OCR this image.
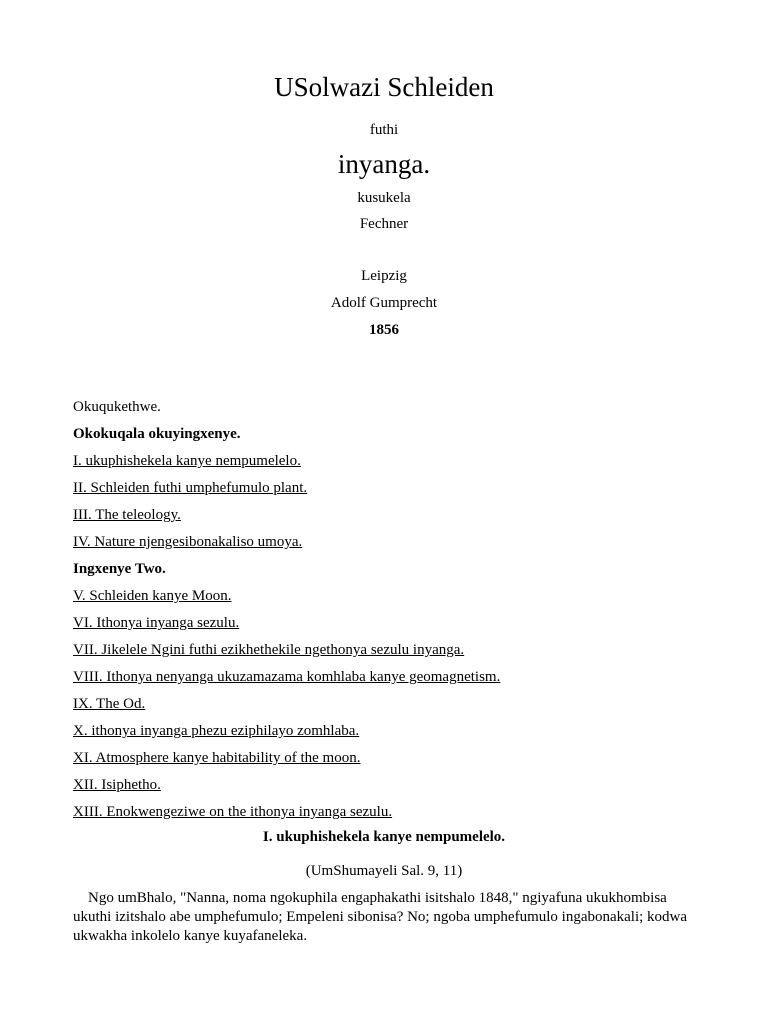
USolwazi Schleiden
futhi
inyanga.
kusukela
Fechner
Leipzig
Adolf Gumprecht
1856
Okuqukethwe.
Okokuqala okuyingxenye.
I. ukuphishekela kanye nempumelelo.
II. Schleiden futhi umphefumulo plant.
III. The teleology.
IV. Nature njengesibonakaliso umoya.
Ingxenye Two.
V. Schleiden kanye Moon.
VI. Ithonya inyanga sezulu.
VII. Jikelele Ngini futhi ezikhethekile ngethonya sezulu inyanga.
VIII. Ithonya nenyanga ukuzamazama komhlaba kanye geomagnetism.
IX. The Od.
X. ithonya inyanga phezu eziphilayo zomhlaba.
XI. Atmosphere kanye habitability of the moon.
XII. Isiphetho.
XIII. Enokwengeziwe on the ithonya inyanga sezulu.
I. ukuphishekela kanye nempumelelo.
(UmShumayeli Sal. 9, 11)

Ngo umBhalo, "Nanna, noma ngokuphila engaphakathi isitshalo 1848," ngiyafuna ukukhombisa ukuthi izitshalo abe umphefumulo; Empeleni sibonisa? No; ngoba umphefumulo ingabonakali; kodwa ukwakha inkolelo kanye kuyafaneleka.
